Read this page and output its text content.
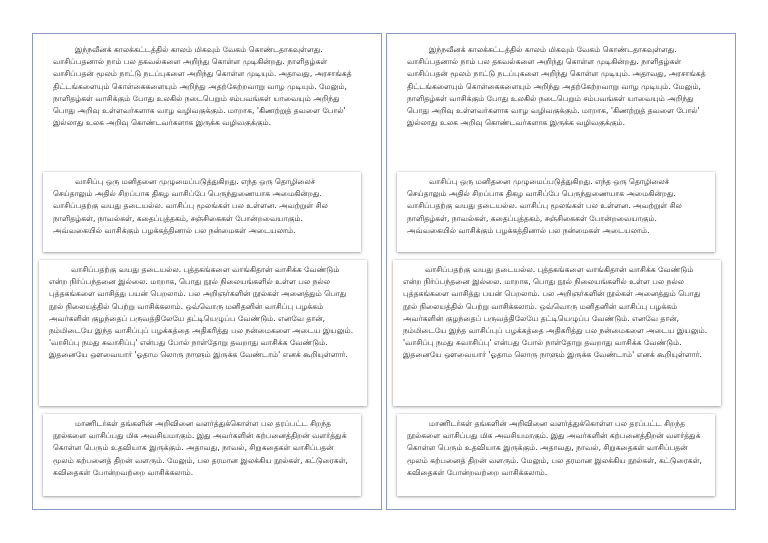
இந்நவீனக் காலக்கட்டத்தில் காலம் மிகவும் வேகம் கொண்டதாகவுள்ளது. வாசிப்பதனால் நாம் பல தகவல்களை அறிந்து கொள்ள முடிகின்றது. நாளிதழ்கள் வாசிப்பதன் மூலம் நாட்டு நடப்புகளை அறிந்து கொள்ள முடியும். அதாவது, அரசாங்கத் திட்டங்களையும் கொள்கைகளையும் அறிந்து அதற்கேற்றவாறு வாழ முடியும். மேலும், நாளிதழ்கள் வாசிக்கும் போது உலகில் நடைபெறும் சம்பவங்கள் யாவையும் அறிந்து பொது அறிவு உள்ளவர்களாக வாழ வழிவகுக்கும். மாறாக, 'கிணற்றுத் தவளை போல்' இல்லாது உலக அறிவு கொண்டவர்களாக இருக்க வழிவகுக்கும்.

வாசிப்பு ஒரு மனிதனை முழுமைப்படுத்துகிறது. எந்த ஒரு தொழிலைச் செய்தாலும் அதில் சிறப்பாக திகழ வாசிப்பே பெருந்துணையாக அமைகின்றது. வாசிப்பதற்கு வயது தடையல்ல. வாசிப்பு மூலங்கள் பல உள்ளன. அவற்றுள் சில நாளிதழ்கள், நாவல்கள், கதைப்புத்தகம், சஞ்சிகைகள் போன்றவையாகும். அவ்வகையில் வாசிக்கும் பழக்கத்தினால் பல நன்மைகள் அடையலாம்.

வாசிப்பதற்கு வயது தடையல்ல. புத்தகங்களை வாங்கிதான் வாசிக்க வேண்டும் என்ற நிர்ப்பந்தனை இல்லை. மாறாக, பொது நூல் நிலையங்களில் உள்ள பல நல்ல புத்தகங்களை வாசித்து பயன் பெறலாம். பல அறிஞர்களின் நூல்கள் அனைத்தும் பொது நூல் நிலையத்தில் பெற்று வாசிக்கலாம். ஒவ்வொரு மனிதனின் வாசிப்பு பழக்கம் அவர்களின் குழந்தைப் பருவத்திலேயே தட்டியெழுப்ப வேண்டும். எனவே தான், நம்மிடையே இந்த வாசிப்புப் பழக்கத்தை அதிகரித்து பல நன்மைகளை அடைய இயலும். 'வாசிப்பு நமது சுவாசிப்பு' என்பது போல் நாள்தோறு தவறாது வாசிக்க வேண்டும். இதனையே ஔவையார் 'ஓதாம லொரு நாளும் இருக்க வேண்டாம்' எனக் கூறியுள்ளார்.

மாணிடர்கள் தங்களின் அறிவினை வளர்த்துக்கொள்ள பல தரப்பட்ட சிறந்த நூல்களை வாசிப்பது மிக அவசியமாகும். இது அவர்களின் கற்பனைத்திறன் வளர்த்துக் கொள்ள பெரும் உதவியாக இருக்கும். அதாவது, நாவல், சிறுகதைகள் வாசிப்பதன் மூலம் கற்பனைத் திறன் வளரும். மேலும், பல தரமான இலக்கிய நூல்கள், கட்டுரைகள், கவிதைகள் போன்றவற்றை வாசிக்கலாம்.

இந்நவீனக் காலக்கட்டத்தில் காலம் மிகவும் வேகம் கொண்டதாகவுள்ளது. வாசிப்பதனால் நாம் பல தகவல்களை அறிந்து கொள்ள முடிகின்றது. நாளிதழ்கள் வாசிப்பதன் மூலம் நாட்டு நடப்புகளை அறிந்து கொள்ள முடியும். அதாவது, அரசாங்கத் திட்டங்களையும் கொள்கைகளையும் அறிந்து அதற்கேற்றவாறு வாழ முடியும். மேலும், நாளிதழ்கள் வாசிக்கும் போது உலகில் நடைபெறும் சம்பவங்கள் யாவையும் அறிந்து பொது அறிவு உள்ளவர்களாக வாழ வழிவகுக்கும். மாறாக, 'கிணற்றுத் தவளை போல்' இல்லாது உலக அறிவு கொண்டவர்களாக இருக்க வழிவகுக்கும்.

வாசிப்பு ஒரு மனிதனை முழுமைப்படுத்துகிறது. எந்த ஒரு தொழிலைச் செய்தாலும் அதில் சிறப்பாக திகழ வாசிப்பே பெருந்துணையாக அமைகின்றது. வாசிப்பதற்கு வயது தடையல்ல. வாசிப்பு மூலங்கள் பல உள்ளன. அவற்றுள் சில நாளிதழ்கள், நாவல்கள், கதைப்புத்தகம், சஞ்சிகைகள் போன்றவையாகும். அவ்வகையில் வாசிக்கும் பழக்கத்தினால் பல நன்மைகள் அடையலாம்.

வாசிப்பதற்கு வயது தடையல்ல. புத்தகங்களை வாங்கிதான் வாசிக்க வேண்டும் என்ற நிர்ப்பந்தனை இல்லை. மாறாக, பொது நூல் நிலையங்களில் உள்ள பல நல்ல புத்தகங்களை வாசித்து பயன் பெறலாம். பல அறிஞர்களின் நூல்கள் அனைத்தும் பொது நூல் நிலையத்தில் பெற்று வாசிக்கலாம். ஒவ்வொரு மனிதனின் வாசிப்பு பழக்கம் அவர்களின் குழந்தைப் பருவத்திலேயே தட்டியெழுப்ப வேண்டும். எனவே தான், நம்மிடையே இந்த வாசிப்புப் பழக்கத்தை அதிகரித்து பல நன்மைகளை அடைய இயலும். 'வாசிப்பு நமது சுவாசிப்பு' என்பது போல் நாள்தோறு தவறாது வாசிக்க வேண்டும். இதனையே ஔவையார் 'ஓதாம லொரு நாளும் இருக்க வேண்டாம்' எனக் கூறியுள்ளார்.

மாணிடர்கள் தங்களின் அறிவினை வளர்த்துக்கொள்ள பல தரப்பட்ட சிறந்த நூல்களை வாசிப்பது மிக அவசியமாகும். இது அவர்களின் கற்பனைத்திறன் வளர்த்துக் கொள்ள பெரும் உதவியாக இருக்கும். அதாவது, நாவல், சிறுகதைகள் வாசிப்பதன் மூலம் கற்பனைத் திறன் வளரும். மேலும், பல தரமான இலக்கிய நூல்கள், கட்டுரைகள், கவிதைகள் போன்றவற்றை வாசிக்கலாம்.
